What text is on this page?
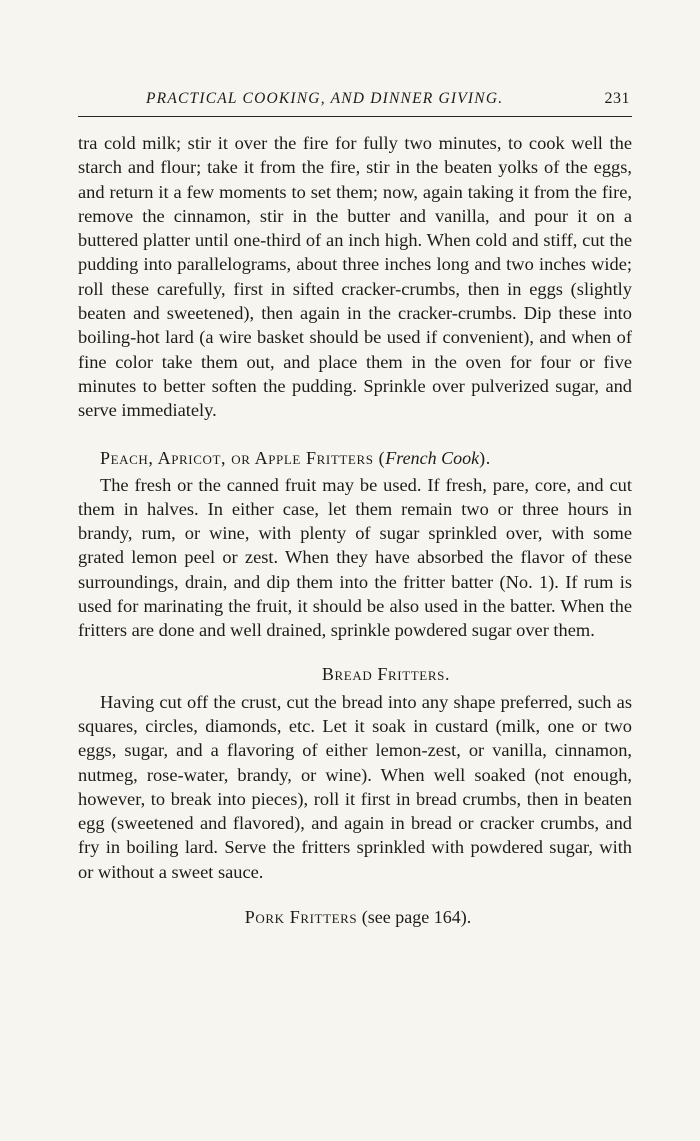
PRACTICAL COOKING, AND DINNER GIVING.	231

tra cold milk; stir it over the fire for fully two minutes, to cook well the starch and flour; take it from the fire, stir in the beaten yolks of the eggs, and return it a few moments to set them; now, again taking it from the fire, remove the cinnamon, stir in the butter and vanilla, and pour it on a buttered platter until one-third of an inch high. When cold and stiff, cut the pudding into parallelograms, about three inches long and two inches wide; roll these carefully, first in sifted cracker-crumbs, then in eggs (slightly beaten and sweetened), then again in the cracker-crumbs. Dip these into boiling-hot lard (a wire basket should be used if convenient), and when of fine color take them out, and place them in the oven for four or five minutes to better soften the pudding. Sprinkle over pulverized sugar, and serve immediately.

Peach, Apricot, or Apple Fritters (French Cook).

The fresh or the canned fruit may be used. If fresh, pare, core, and cut them in halves. In either case, let them remain two or three hours in brandy, rum, or wine, with plenty of sugar sprinkled over, with some grated lemon peel or zest. When they have absorbed the flavor of these surroundings, drain, and dip them into the fritter batter (No. 1). If rum is used for marinating the fruit, it should be also used in the batter. When the fritters are done and well drained, sprinkle powdered sugar over them.

Bread Fritters.

Having cut off the crust, cut the bread into any shape preferred, such as squares, circles, diamonds, etc. Let it soak in custard (milk, one or two eggs, sugar, and a flavoring of either lemon-zest, or vanilla, cinnamon, nutmeg, rose-water, brandy, or wine). When well soaked (not enough, however, to break into pieces), roll it first in bread crumbs, then in beaten egg (sweetened and flavored), and again in bread or cracker crumbs, and fry in boiling lard. Serve the fritters sprinkled with powdered sugar, with or without a sweet sauce.

Pork Fritters (see page 164).
